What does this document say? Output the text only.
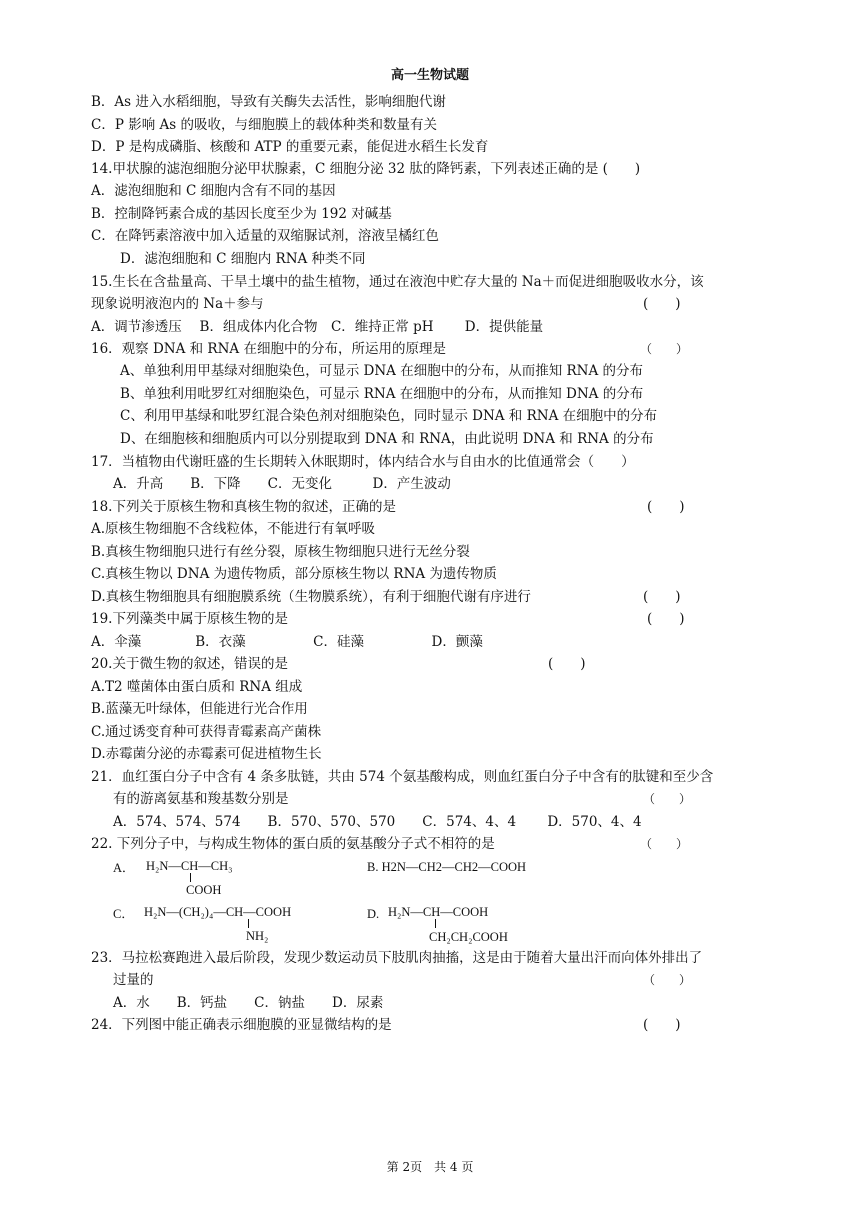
高一生物试题
B．As 进入水稻细胞，导致有关酶失去活性，影响细胞代谢
C．P 影响 As 的吸收，与细胞膜上的载体种类和数量有关
D．P 是构成磷脂、核酸和 ATP 的重要元素，能促进水稻生长发育
14.甲状腺的滤泡细胞分泌甲状腺素，C 细胞分泌 32 肽的降钙素，下列表述正确的是 (　　)
A．滤泡细胞和 C 细胞内含有不同的基因
B．控制降钙素合成的基因长度至少为 192 对碱基
C．在降钙素溶液中加入适量的双缩脲试剂，溶液呈橘红色
D．滤泡细胞和 C 细胞内 RNA 种类不同
15.生长在含盐量高、干旱土壤中的盐生植物，通过在液泡中贮存大量的 Na＋而促进细胞吸收水分，该
现象说明液泡内的 Na＋参与	(　　)
A．调节渗透压　 B．组成体内化合物　C．维持正常 pH　　 D．提供能量
16．观察 DNA 和 RNA 在细胞中的分布，所运用的原理是	（　　）
A、单独利用甲基绿对细胞染色，可显示 DNA 在细胞中的分布，从而推知 RNA 的分布
B、单独利用吡罗红对细胞染色，可显示 RNA 在细胞中的分布，从而推知 DNA 的分布
C、利用甲基绿和吡罗红混合染色剂对细胞染色，同时显示 DNA 和 RNA 在细胞中的分布
D、在细胞核和细胞质内可以分别提取到 DNA 和 RNA，由此说明 DNA 和 RNA 的分布
17．当植物由代谢旺盛的生长期转入休眠期时，体内结合水与自由水的比值通常会（　　）
A．升高　　B．下降　　C．无变化　　　D．产生波动
18.下列关于原核生物和真核生物的叙述，正确的是	(　　)
A.原核生物细胞不含线粒体，不能进行有氧呼吸
B.真核生物细胞只进行有丝分裂，原核生物细胞只进行无丝分裂
C.真核生物以 DNA 为遗传物质，部分原核生物以 RNA 为遗传物质
D.真核生物细胞具有细胞膜系统（生物膜系统），有利于细胞代谢有序进行	(　　)
19.下列藻类中属于原核生物的是	(　　)
A．伞藻　　　　B．衣藻　　　　　C．硅藻　　　　　D．颤藻
20.关于微生物的叙述，错误的是	(　　)
A.T2 噬菌体由蛋白质和 RNA 组成
B.蓝藻无叶绿体，但能进行光合作用
C.通过诱变育种可获得青霉素高产菌株
D.赤霉菌分泌的赤霉素可促进植物生长
21．血红蛋白分子中含有 4 条多肽链，共由 574 个氨基酸构成，则血红蛋白分子中含有的肽键和至少含
有的游离氨基和羧基数分别是	（　　）
A．574、574、574　　B．570、570、570　　C．574、4、4　　 D．570、4、4
22. 下列分子中，与构成生物体的蛋白质的氨基酸分子式不相符的是	（　　）
A． H₂N—CH—CH₃
COOH
B. H2N—CH2—CH2—COOH
C． H₂N—(CH₂)₄—CH—COOH
NH₂
D. H₂N—CH—COOH
CH₂CH₂COOH
23．马拉松赛跑进入最后阶段，发现少数运动员下肢肌肉抽搐，这是由于随着大量出汗而向体外排出了
过量的	（　　）
A．水　　B．钙盐　　C．钠盐　　D．尿素
24．下列图中能正确表示细胞膜的亚显微结构的是	(　　)
第 2页　共 4 页
